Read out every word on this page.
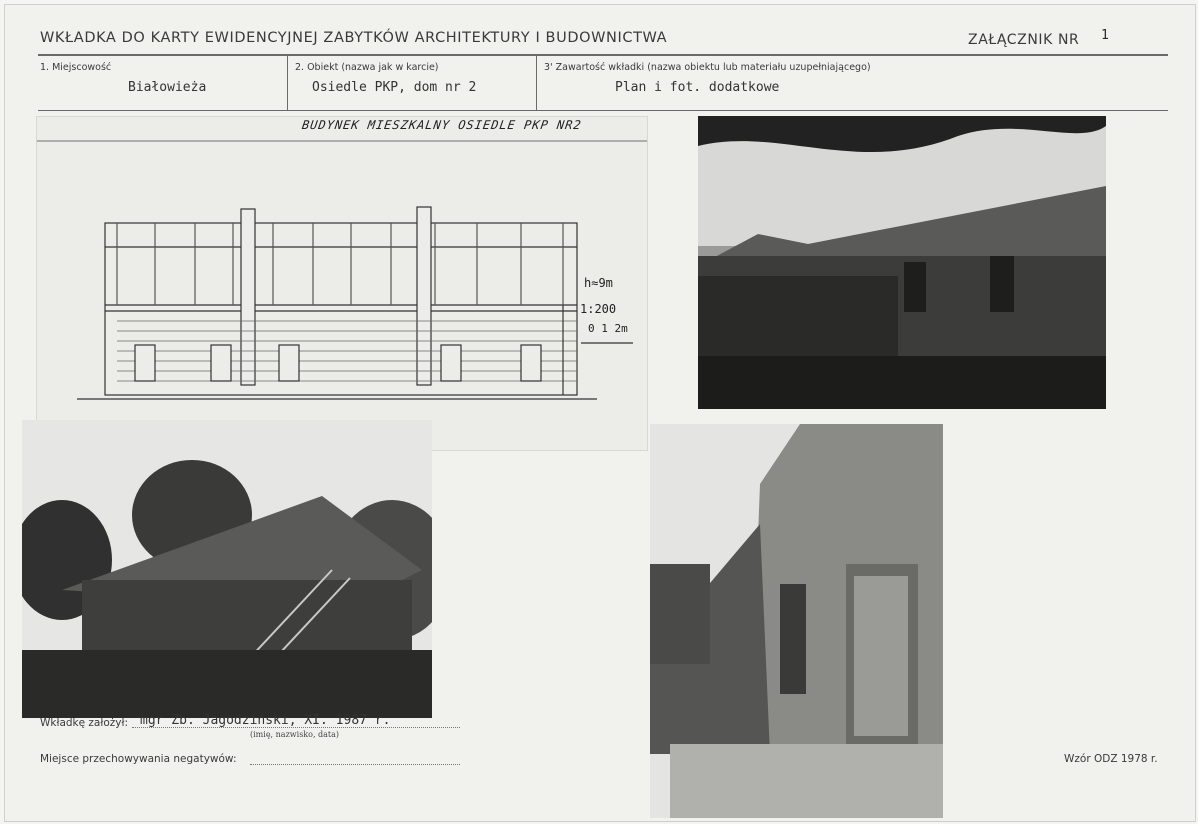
WKŁADKA DO KARTY EWIDENCYJNEJ ZABYTKÓW ARCHITEKTURY I BUDOWNICTWA	ZAŁĄCZNIK NR 1
1. Miejscowość
Białowieża
2. Obiekt (nazwa jak w karcie)
Osiedle PKP, dom nr 2
3' Zawartość wkładki (nazwa obiektu lub materiału uzupełniającego)
Plan i fot. dodatkowe
BUDYNEK MIESZKALNY OSIEDLE PKP NR2
h≈9m
1:200
0 1 2m
Wkładkę założył: mgr Zb. Jagodziński, XI. 1987 r.
(imię, nazwisko, data)
Miejsce przechowywania negatywów:	Wzór ODZ 1978 r.
